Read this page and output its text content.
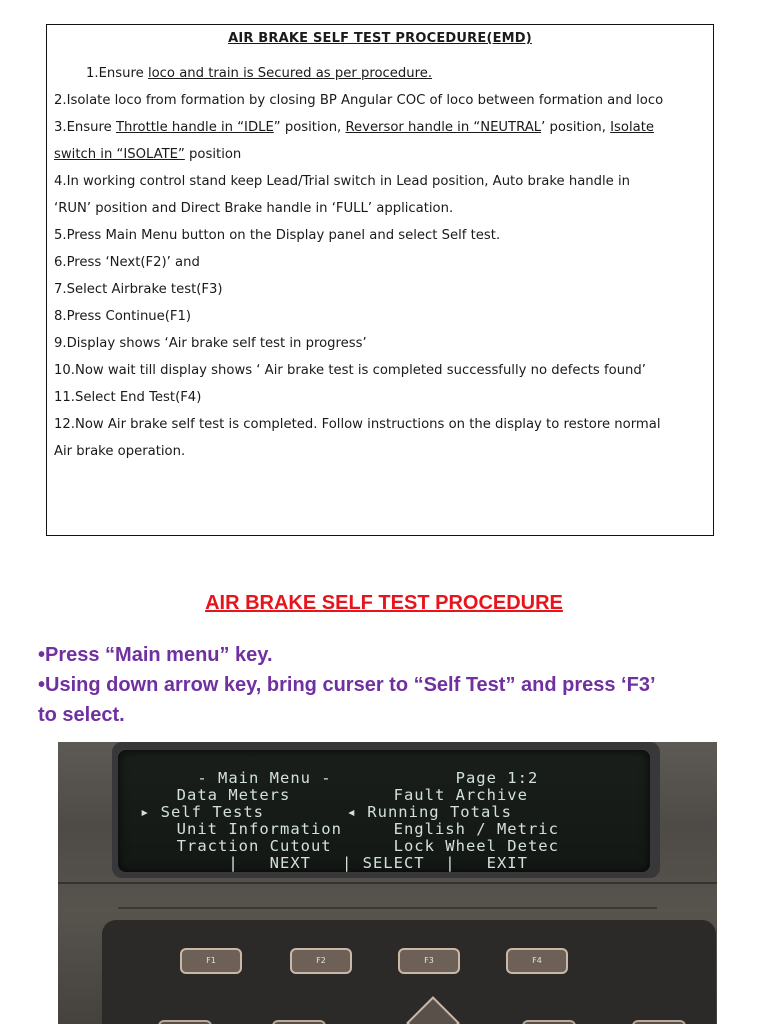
AIR BRAKE SELF TEST PROCEDURE(EMD)
1.Ensure loco and train is Secured as per procedure.
2.Isolate loco from formation by closing BP Angular COC of loco between formation and loco
3.Ensure Throttle handle in “IDLE” position, Reversor handle in “NEUTRAL’ position, Isolate
switch in “ISOLATE” position
4.In working control stand keep Lead/Trial switch in Lead position, Auto brake handle in
‘RUN’ position and Direct Brake handle in ‘FULL’ application.
5.Press Main Menu button on the Display panel and select Self test.
6.Press ‘Next(F2)’ and
7.Select Airbrake test(F3)
8.Press Continue(F1)
9.Display shows ‘Air brake self test in progress’
10.Now wait till display shows ‘ Air brake test is completed successfully no defects found’
11.Select End Test(F4)
12.Now Air brake self test is completed. Follow instructions on the display to restore normal
Air brake operation.
AIR BRAKE SELF TEST PROCEDURE
•Press “Main menu” key.
•Using down arrow key, bring curser to “Self Test” and press ‘F3’
to select.
- Main Menu -            Page 1:2
Data Meters          Fault Archive
▸ Self Tests        ◂ Running Totals
Unit Information     English / Metric
Traction Cutout      Lock Wheel Detec
|   NEXT   | SELECT  |   EXIT
F1	F2	F3	F4
